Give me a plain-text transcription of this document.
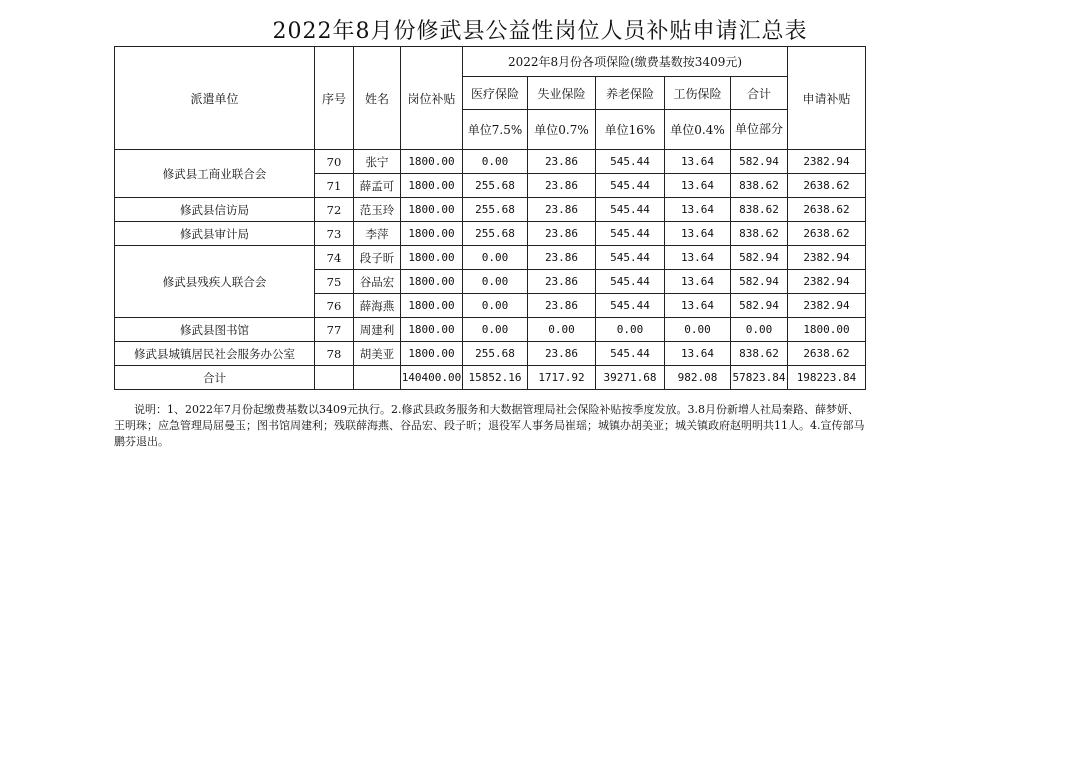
2022年8月份修武县公益性岗位人员补贴申请汇总表
派遣单位	序号	姓名	岗位补贴	2022年8月份各项保险(缴费基数按3409元)					申请补贴
				医疗保险	失业保险	养老保险	工伤保险	合计	
				单位7.5%	单位0.7%	单位16%	单位0.4%	单位部分	
修武县工商业联合会	70	张宁	1800.00	0.00	23.86	545.44	13.64	582.94	2382.94
	71	薛孟可	1800.00	255.68	23.86	545.44	13.64	838.62	2638.62
修武县信访局	72	范玉玲	1800.00	255.68	23.86	545.44	13.64	838.62	2638.62
修武县审计局	73	李萍	1800.00	255.68	23.86	545.44	13.64	838.62	2638.62
修武县残疾人联合会	74	段子昕	1800.00	0.00	23.86	545.44	13.64	582.94	2382.94
	75	谷品宏	1800.00	0.00	23.86	545.44	13.64	582.94	2382.94
	76	薛海燕	1800.00	0.00	23.86	545.44	13.64	582.94	2382.94
修武县图书馆	77	周建利	1800.00	0.00	0.00	0.00	0.00	0.00	1800.00
修武县城镇居民社会服务办公室	78	胡美亚	1800.00	255.68	23.86	545.44	13.64	838.62	2638.62
合计			140400.00	15852.16	1717.92	39271.68	982.08	57823.84	198223.84
说明：1、2022年7月份起缴费基数以3409元执行。2.修武县政务服务和大数据管理局社会保险补贴按季度发放。3.8月份新增人社局秦路、薛梦妍、王明珠；应急管理局屈曼玉；图书馆周建利；残联薛海燕、谷品宏、段子昕；退役军人事务局崔瑶；城镇办胡美亚；城关镇政府赵明明共11人。4.宣传部马鹏芬退出。
